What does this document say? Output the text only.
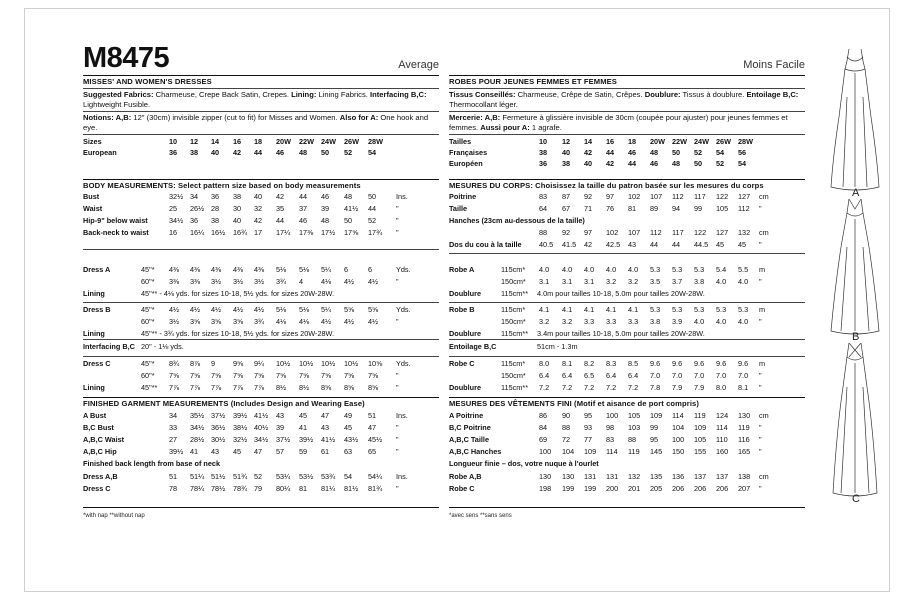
M8475	Average
MISSES' AND WOMEN'S DRESSES
Suggested Fabrics: Charmeuse, Crepe Back Satin, Crepes. Lining: Lining Fabrics. Interfacing B,C: Lightweight Fusible.
Notions: A,B: 12" (30cm) invisible zipper (cut to fit) for Misses and Women. Also for A: One hook and eye.
Sizes	10 12 14 16 18 20W 22W 24W 26W 28W
European	36 38 40 42 44 46 48 50 52 54
BODY MEASUREMENTS: Select pattern size based on body measurements
Bust	32½ 34 36 38 40 42 44 46 48 50	Ins.
Waist	25 26½ 28 30 32 35 37 39 41½ 44	"
Hip-9" below waist	34½ 36 38 40 42 44 46 48 50 52	"
Back-neck to waist	16 16¼ 16½ 16¾ 17 17¼ 17⅜ 17½ 17⅝ 17¾ "
Dress A	45"* 4⅜ 4⅜ 4⅜ 4⅜ 4⅜ 5⅛ 5⅛ 5¼ 6	6	Yds.
60"* 3⅜ 3⅜ 3½ 3½ 3½ 3¾ 4 4⅛ 4½ 4½ "
Lining	45"** - 4⅛ yds. for sizes 10-18, 5½ yds. for sizes 20W-28W.
Dress B	45"* 4½ 4½ 4½ 4½ 4½ 5⅛ 5⅛ 5¼ 5⅝ 5⅝ Yds.
60"* 3½ 3⅝ 3⅝ 3⅝ 3¾ 4⅛ 4⅛ 4½ 4½ 4½ "
Lining	45"** - 3¾ yds. for sizes 10-18, 5½ yds. for sizes 20W-28W.
Interfacing B,C 20" - 1⅛ yds.
Dress C	45"* 8¾ 8⅞ 9 9⅝ 9¼ 10½ 10½ 10½ 10½ 10⅝ Yds.
60"* 7⅝ 7⅝ 7⅝ 7⅝ 7⅝ 7⅝ 7⅝ 7⅝ 7⅝ 7⅝ "
Lining	45"** 7⅞ 7⅞ 7⅞ 7⅞ 7⅞ 8½ 8½ 8⅝ 8⅝ 8⅝ "
FINISHED GARMENT MEASUREMENTS (Includes Design and Wearing Ease)
A Bust	34 35½ 37½ 39½ 41½ 43 45 47 49 51	Ins.
B,C Bust	33 34½ 36½ 38½ 40½ 39 41 43 45 47	"
A,B,C Waist	27 28½ 30½ 32½ 34½ 37½ 39½ 41½ 43½ 45½ "
A,B,C Hip	39½ 41 43 45 47 57 59 61 63 65	"
Finished back length from base of neck
Dress A,B	51 51¼ 51½ 51¾ 52 53¼ 53½ 53¾ 54 54¼ Ins.
Dress C	78 78¼ 78½ 78¾ 79 80¼ 81 81¼ 81½ 81¾ "
*with nap **without nap
Moins Facile
ROBES POUR JEUNES FEMMES ET FEMMES
Tissus Conseillés: Charmeuse, Crêpe de Satin, Crêpes. Doublure: Tissus à doublure. Entoilage B,C: Thermocollant léger.
Mercerie: A,B: Fermeture à glissière invisible de 30cm (coupée pour ajuster) pour jeunes femmes et femmes. Aussi pour A: 1 agrafe.
Tailles	10 12 14 16 18 20W 22W 24W 26W 28W
Françaises	38 40 42 44 46 48 50 52 54 56
Européen	36 38 40 42 44 46 48 50 52 54
MESURES DU CORPS: Choisissez la taille du patron basée sur les mesures du corps
Poitrine	83 87 92 97 102 107 112 117 122 127 cm
Taille	64 67 71 76 81 89 94 99 105 112 "
Hanches (23cm au-dessous de la taille)
88 92 97 102 107 112 117 122 127 132 cm
Dos du cou à la taille 40.5 41.5 42 42.5 43 44 44 44.5 45 45 "
Robe A	115cm* 4.0 4.0 4.0 4.0 4.0 5.3 5.3 5.3 5.4 5.5 m
150cm* 3.1 3.1 3.1 3.2 3.2 3.5 3.7 3.8 4.0 4.0 "
Doublure	115cm** 4.0m pour tailles 10-18, 5.0m pour tailles 20W-28W.
Robe B	115cm* 4.1 4.1 4.1 4.1 4.1 5.3 5.3 5.3 5.3 5.3 m
150cm* 3.2 3.2 3.3 3.3 3.3 3.8 3.9 4.0 4.0 4.0 "
Doublure	115cm** 3.4m pour tailles 10-18, 5.0m pour tailles 20W-28W.
Entoilage B,C	51cm - 1.3m
Robe C	115cm* 8.0 8.1 8.2 8.3 8.5 9.6 9.6 9.6 9.6 9.6 m
150cm* 6.4 6.4 6.5 6.4 6.4 7.0 7.0 7.0 7.0 7.0 "
Doublure	115cm** 7.2 7.2 7.2 7.2 7.2 7.8 7.9 7.9 8.0 8.1 "
MESURES DES VÊTEMENTS FINI (Motif et aisance de port compris)
A Poitrine	86 90 95 100 105 109 114 119 124 130 cm
B,C Poitrine	84 88 93 98 103 99 104 109 114 119 "
A,B,C Taille	69 72 77 83 88 95 100 105 110 116 "
A,B,C Hanches	100 104 109 114 119 145 150 155 160 165 "
Longueur finie – dos, votre nuque à l'ourlet
Robe A,B	130 130 131 131 132 135 136 137 137 138 cm
Robe C	198 199 199 200 201 205 206 206 206 207 "
*avec sens **sans sens
A
B
C
